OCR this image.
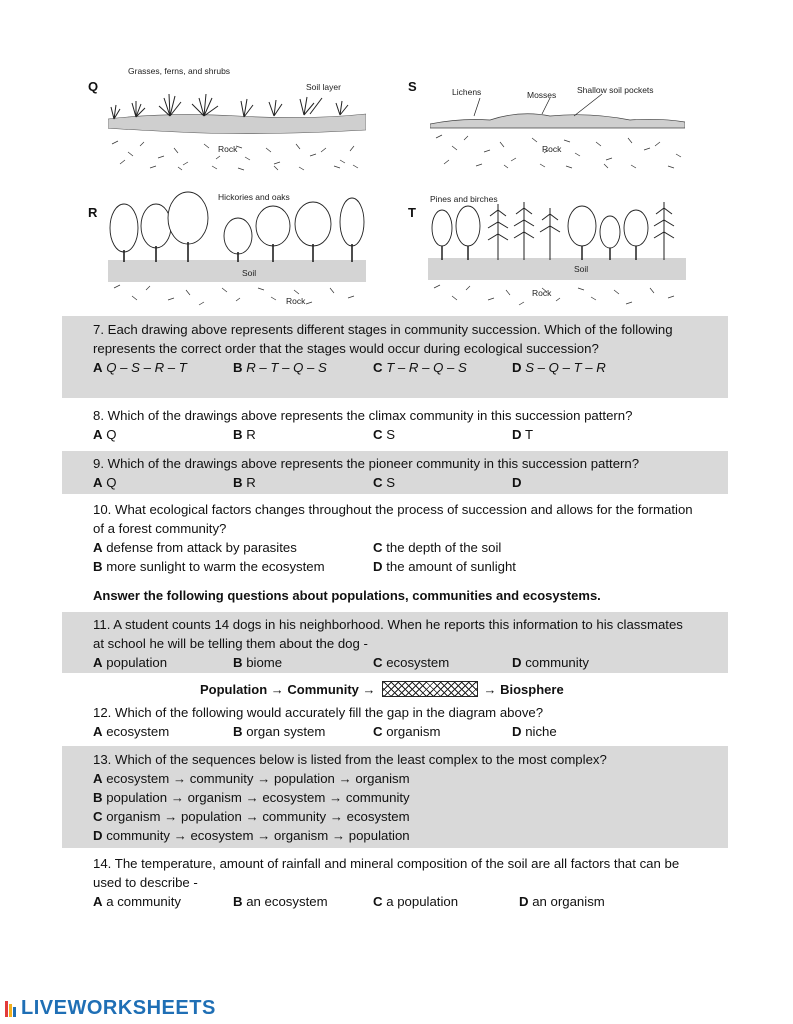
Q	S
R	T
Grasses, ferns, and shrubs
Soil layer
Rock
Lichens	Mosses Shallow soil pockets
Rock
Hickories and oaks
Soil
Rock
Pines and birches
Soil
Rock

7. Each drawing above represents different stages in community succession. Which of the following represents the correct order that the stages would occur during ecological succession?

A Q – S – R – T	B R – T – Q – S	C T – R – Q – S	D S – Q – T – R

8. Which of the drawings above represents the climax community in this succession pattern?

A Q	B R	C S	D T

9. Which of the drawings above represents the pioneer community in this succession pattern?

A Q	B R	C S	D

10. What ecological factors changes throughout the process of succession and allows for the formation of a forest community?

A defense from attack by parasites	C the depth of the soil
B more sunlight to warm the ecosystem	D the amount of sunlight
Answer the following questions about populations, communities and ecosystems.

11. A student counts 14 dogs in his neighborhood. When he reports this information to his classmates at school he will be telling them about the dog -

A population	B biome	C ecosystem	D community
Population → Community →	→ Biosphere

12. Which of the following would accurately fill the gap in the diagram above?

A ecosystem	B organ system	C organism	D niche

13. Which of the sequences below is listed from the least complex to the most complex?

A ecosystem → community → population → organism
B population → organism → ecosystem → community
C organism → population → community → ecosystem
D community → ecosystem → organism → population

14. The temperature, amount of rainfall and mineral composition of the soil are all factors that can be used to describe -

A a community	B an ecosystem	C a population	D an organism
LIVEWORKSHEETS
